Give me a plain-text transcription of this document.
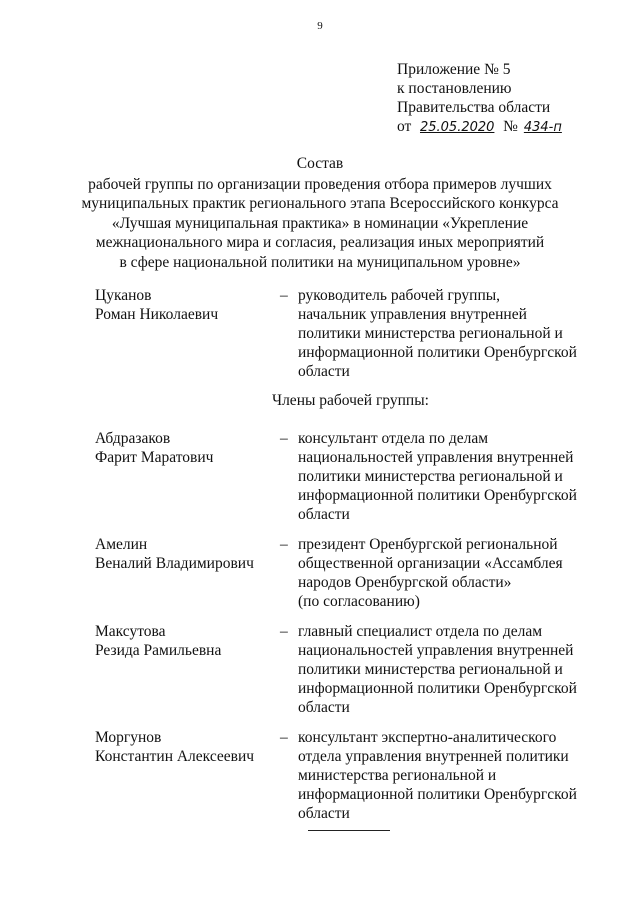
9
Приложение № 5
к постановлению
Правительства области
от 25.05.2020 № 434-п
Состав
рабочей группы по организации проведения отбора примеров лучших
муниципальных практик регионального этапа Всероссийского конкурса
«Лучшая муниципальная практика» в номинации «Укрепление
межнационального мира и согласия, реализация иных мероприятий
в сфере национальной политики на муниципальном уровне»
Цуканов
Роман Николаевич
– руководитель рабочей группы,
начальник управления внутренней
политики министерства региональной и
информационной политики Оренбургской
области
Члены рабочей группы:
Абдразаков
Фарит Маратович
– консультант отдела по делам
национальностей управления внутренней
политики министерства региональной и
информационной политики Оренбургской
области
Амелин
Веналий Владимирович
– президент Оренбургской региональной
общественной организации «Ассамблея
народов Оренбургской области»
(по согласованию)
Максутова
Резида Рамильевна
– главный специалист отдела по делам
национальностей управления внутренней
политики министерства региональной и
информационной политики Оренбургской
области
Моргунов
Константин Алексеевич
– консультант экспертно-аналитического
отдела управления внутренней политики
министерства региональной и
информационной политики Оренбургской
области
